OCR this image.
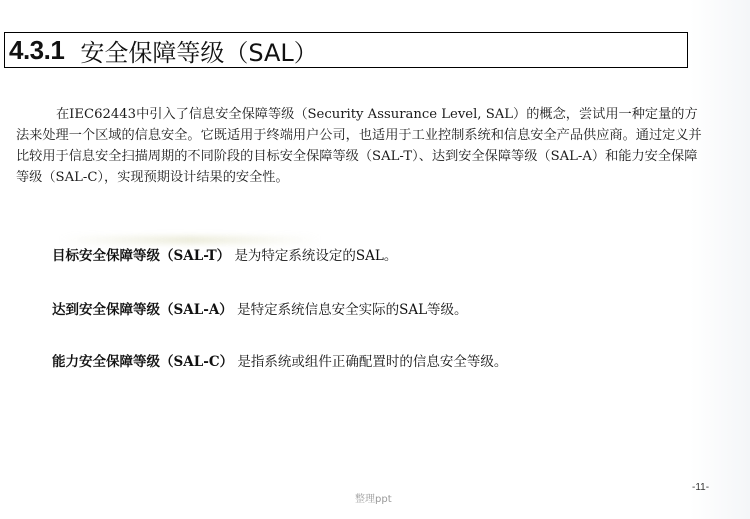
4.3.1 安全保障等级（SAL）

在IEC62443中引入了信息安全保障等级（Security Assurance Level, SAL）的概念，尝试用一种定量的方法来处理一个区域的信息安全。它既适用于终端用户公司，也适用于工业控制系统和信息安全产品供应商。通过定义并比较用于信息安全扫描周期的不同阶段的目标安全保障等级（SAL-T）、达到安全保障等级（SAL-A）和能力安全保障等级（SAL-C），实现预期设计结果的安全性。

目标安全保障等级（SAL-T） 是为特定系统设定的SAL。

达到安全保障等级（SAL-A） 是特定系统信息安全实际的SAL等级。

能力安全保障等级（SAL-C） 是指系统或组件正确配置时的信息安全等级。

-11-
整理ppt
